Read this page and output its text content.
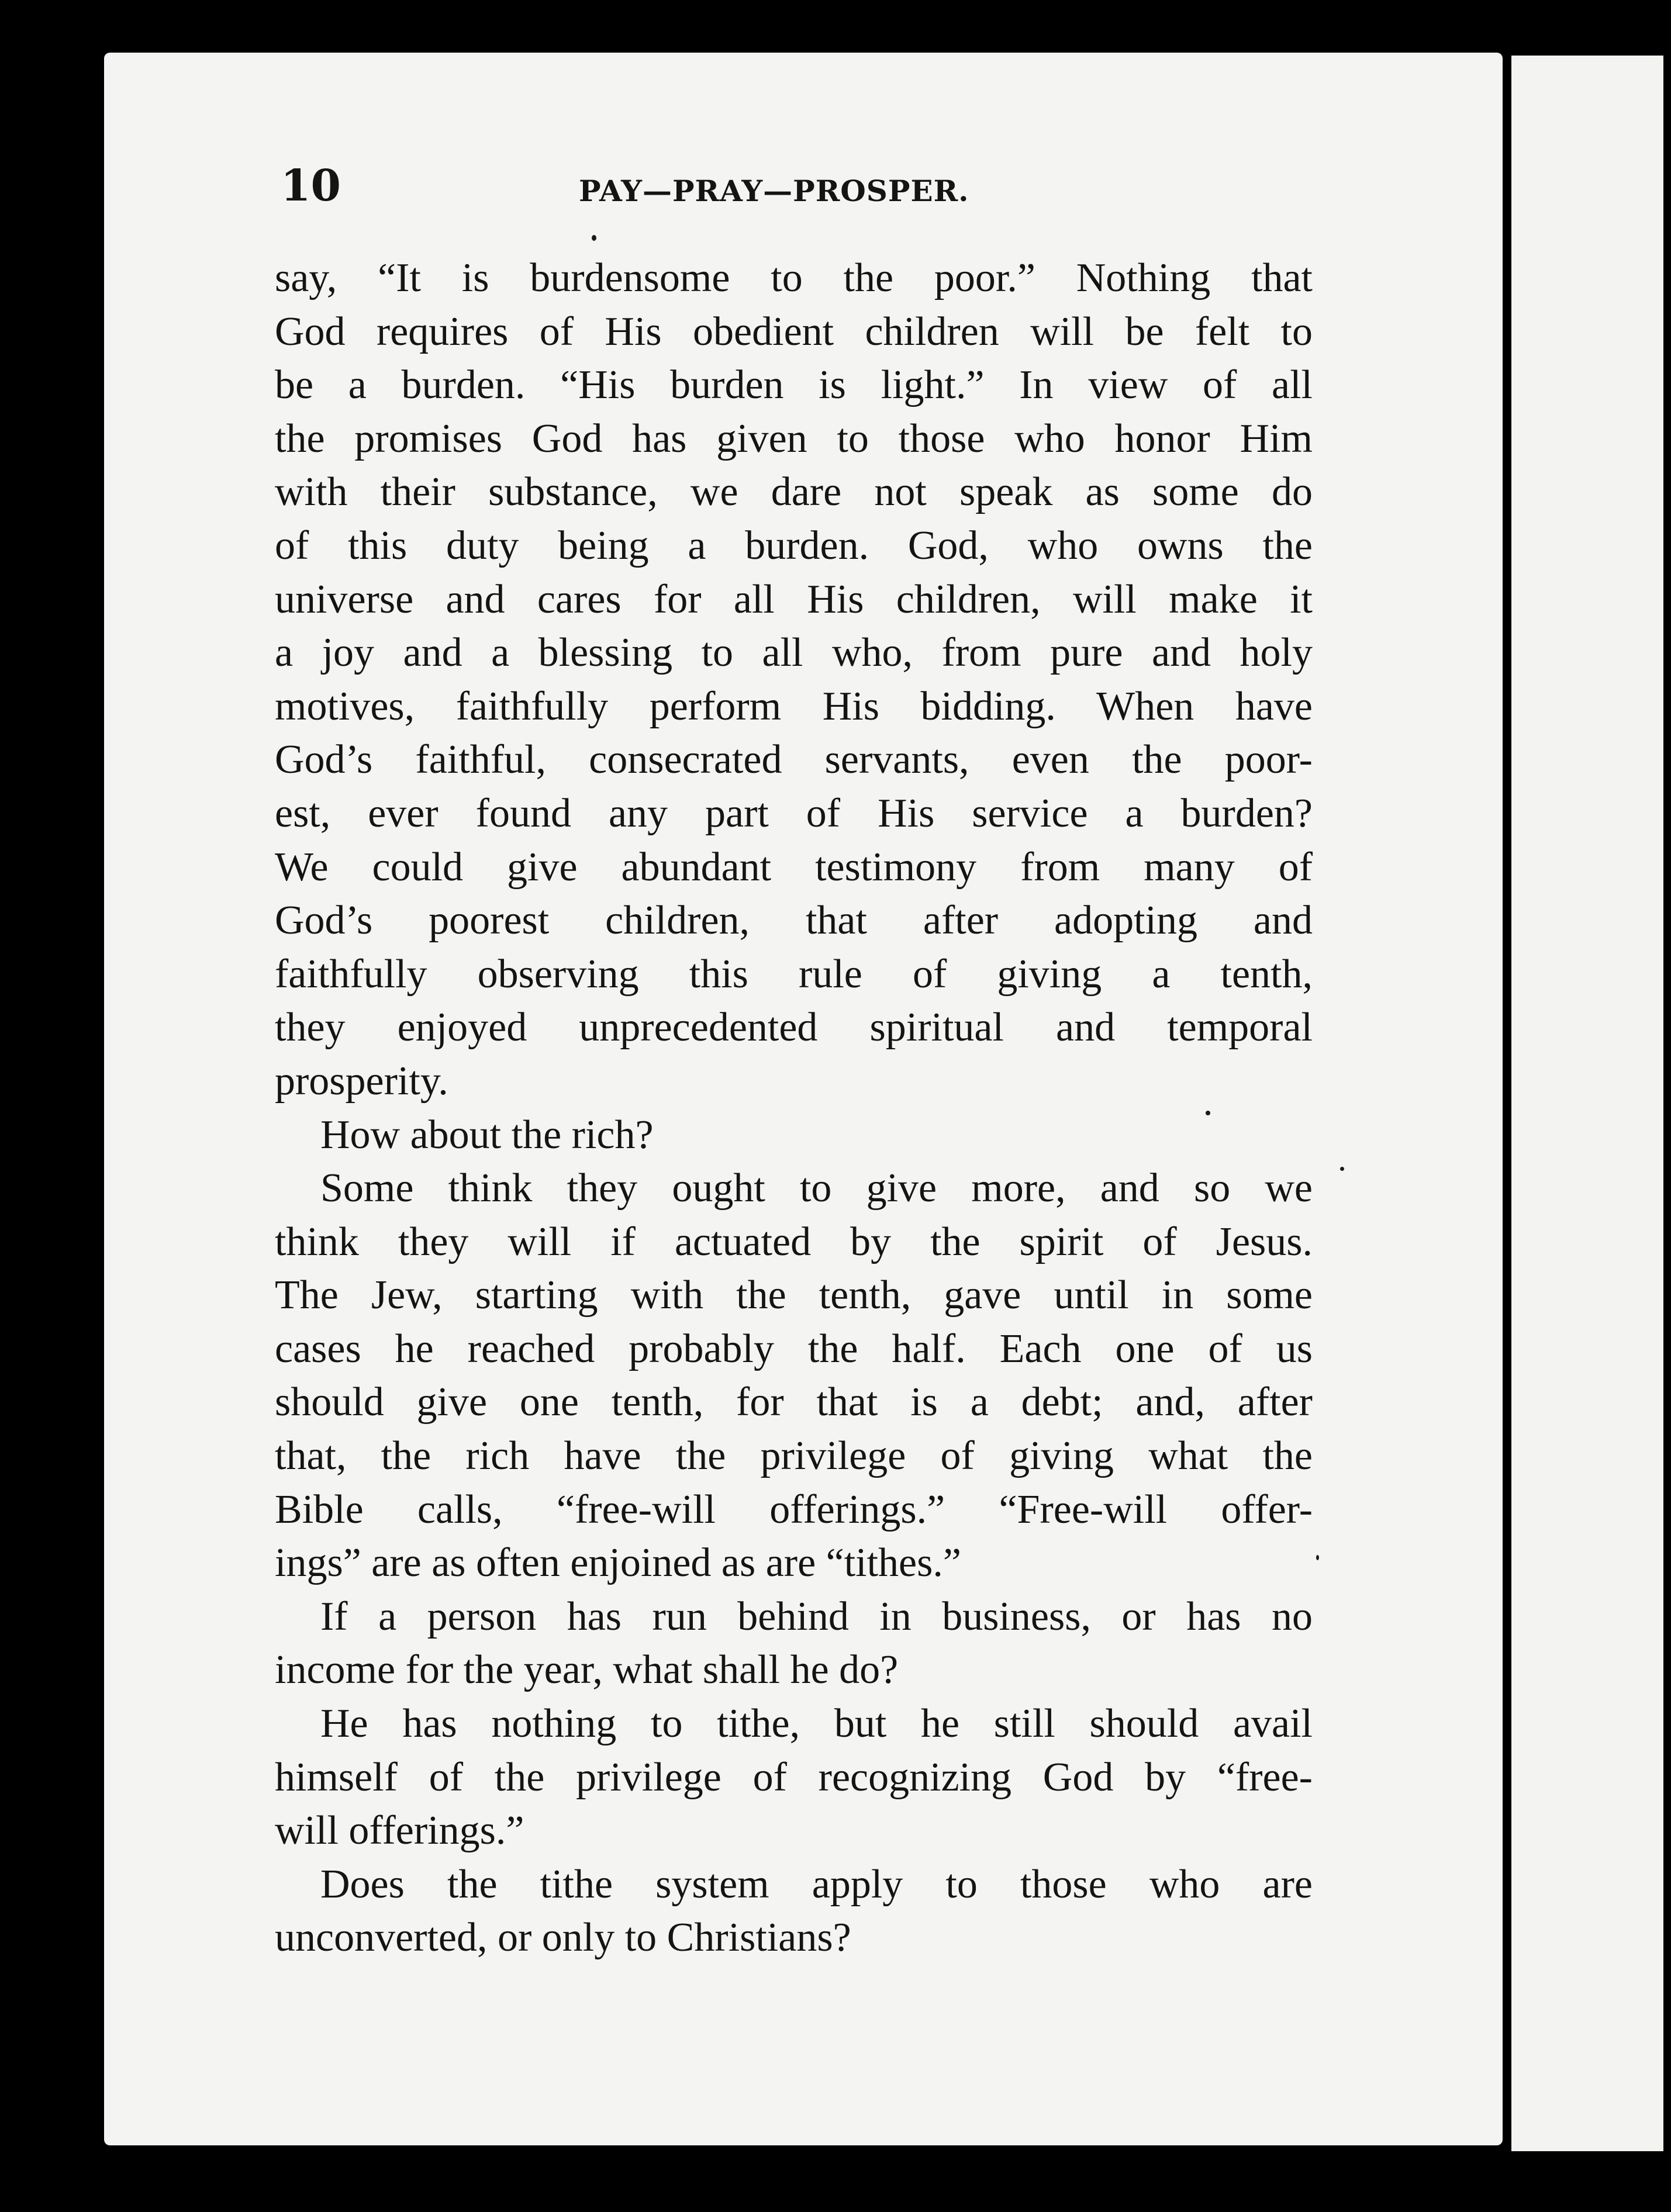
10	PAY—PRAY—PROSPER.
say, “It is burdensome to the poor.” Nothing that
God requires of His obedient children will be felt to
be a burden. “His burden is light.” In view of all
the promises God has given to those who honor Him
with their substance, we dare not speak as some do
of this duty being a burden. God, who owns the
universe and cares for all His children, will make it
a joy and a blessing to all who, from pure and holy
motives, faithfully perform His bidding. When have
God’s faithful, consecrated servants, even the poor-
est, ever found any part of His service a burden?
We could give abundant testimony from many of
God’s poorest children, that after adopting and
faithfully observing this rule of giving a tenth,
they enjoyed unprecedented spiritual and temporal
prosperity.
How about the rich?
Some think they ought to give more, and so we
think they will if actuated by the spirit of Jesus.
The Jew, starting with the tenth, gave until in some
cases he reached probably the half. Each one of us
should give one tenth, for that is a debt; and, after
that, the rich have the privilege of giving what the
Bible calls, “free-will offerings.” “Free-will offer-
ings” are as often enjoined as are “tithes.”
If a person has run behind in business, or has no
income for the year, what shall he do?
He has nothing to tithe, but he still should avail
himself of the privilege of recognizing God by “free-
will offerings.”
Does the tithe system apply to those who are
unconverted, or only to Christians?
